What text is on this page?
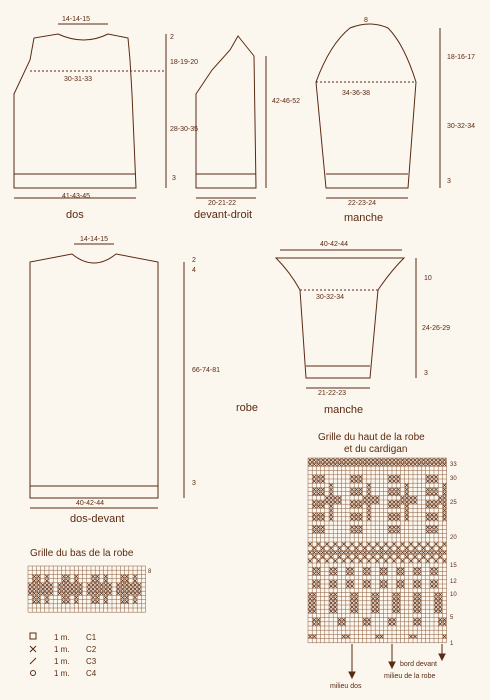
14-14-15
2
30-31-33
18-19-20
28-30-35
3
41-43-45
dos
42-46-52
20-21-22
devant-droit
8
18-16-17
34-36-38
30-32-34
3
22-23-24
manche
14-14-15
2
4
66-74-81
3
40-42-44
dos-devant
robe
40-42-44
10
30-32-34
24-26-29
3
21-22-23
manche
Grille du bas de la robe
8
1 m. C1
1 m. C2
1 m. C3
1 m. C4
Grille du haut de la robe
et du cardigan
33
30
25
20
15
12
10
5
1
milieu dos
milieu de la robe
bord devant
